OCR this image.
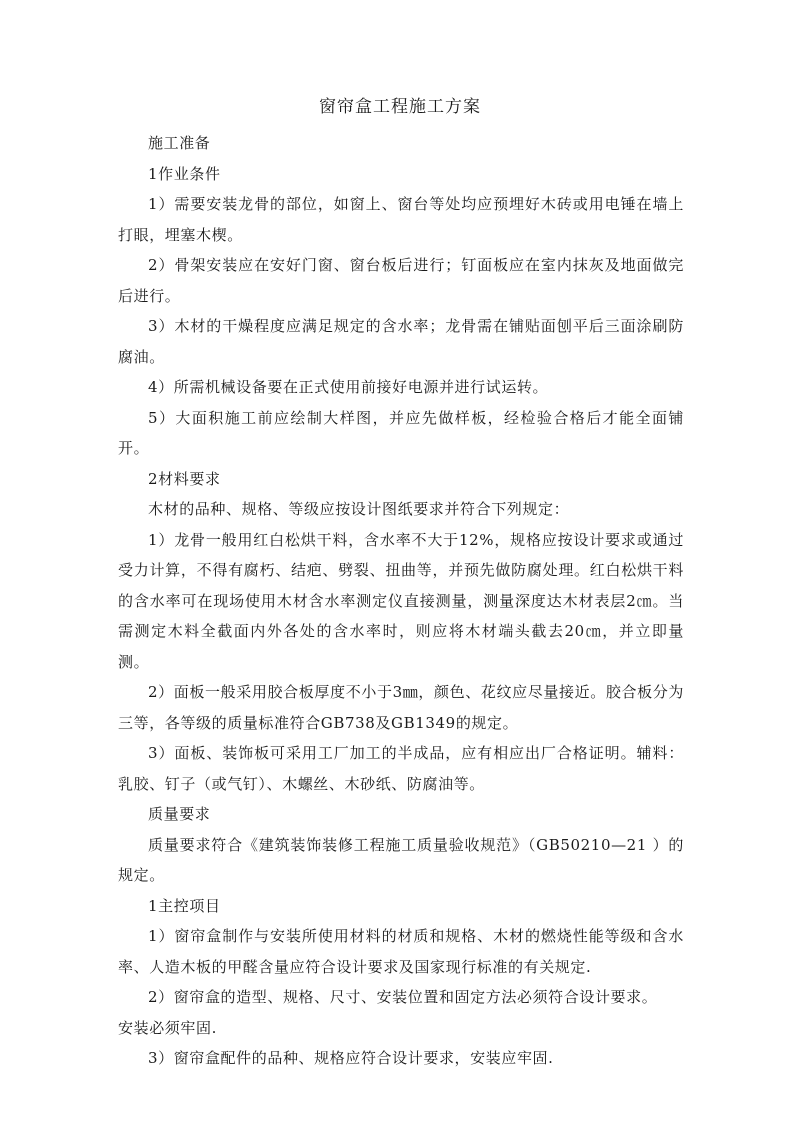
窗帘盒工程施工方案

施工准备

1作业条件

1）需要安装龙骨的部位，如窗上、窗台等处均应预埋好木砖或用电锤在墙上打眼，埋塞木楔。

2）骨架安装应在安好门窗、窗台板后进行；钉面板应在室内抹灰及地面做完后进行。

3）木材的干燥程度应满足规定的含水率；龙骨需在铺贴面刨平后三面涂刷防腐油。

4）所需机械设备要在正式使用前接好电源并进行试运转。

5）大面积施工前应绘制大样图，并应先做样板，经检验合格后才能全面铺开。

2材料要求

木材的品种、规格、等级应按设计图纸要求并符合下列规定：

1）龙骨一般用红白松烘干料，含水率不大于12%，规格应按设计要求或通过受力计算，不得有腐朽、结疤、劈裂、扭曲等，并预先做防腐处理。红白松烘干料的含水率可在现场使用木材含水率测定仪直接测量，测量深度达木材表层2㎝。当需测定木料全截面内外各处的含水率时，则应将木材端头截去20㎝，并立即量测。

2）面板一般采用胶合板厚度不小于3㎜，颜色、花纹应尽量接近。胶合板分为三等，各等级的质量标准符合GB738及GB1349的规定。

3）面板、装饰板可采用工厂加工的半成品，应有相应出厂合格证明。辅料：乳胶、钉子（或气钉）、木螺丝、木砂纸、防腐油等。

质量要求

质量要求符合《建筑装饰装修工程施工质量验收规范》（GB50210—21 ）的规定。

1主控项目

1）窗帘盒制作与安装所使用材料的材质和规格、木材的燃烧性能等级和含水率、人造木板的甲醛含量应符合设计要求及国家现行标准的有关规定.

2）窗帘盒的造型、规格、尺寸、安装位置和固定方法必须符合设计要求。

安装必须牢固.

3）窗帘盒配件的品种、规格应符合设计要求，安装应牢固.
